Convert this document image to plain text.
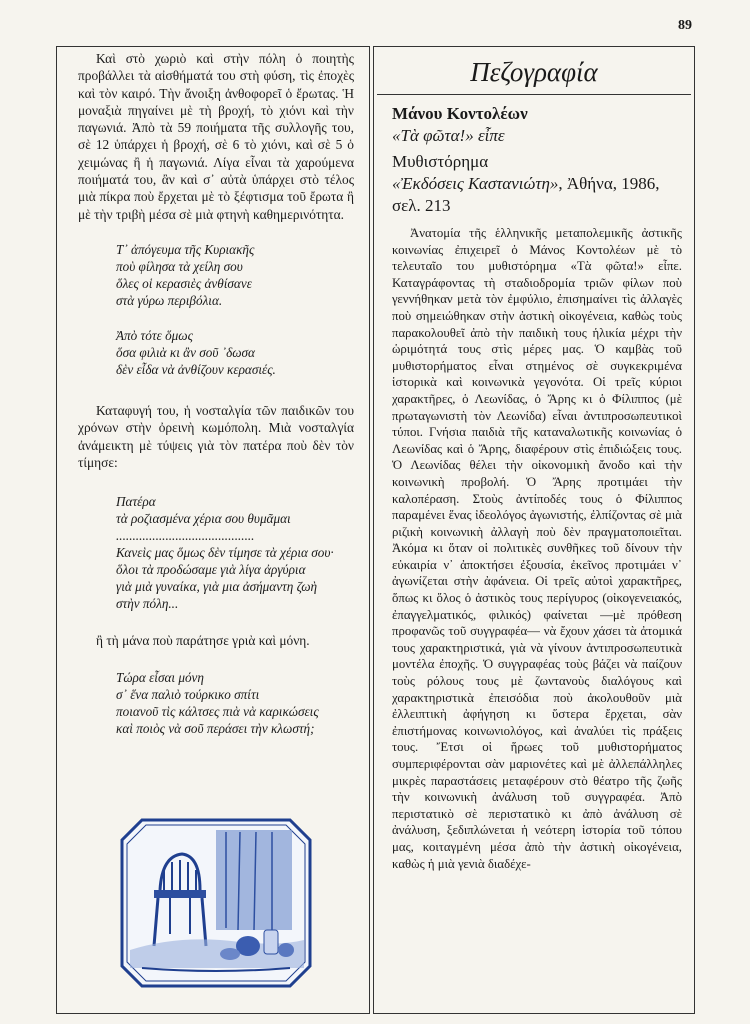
89

Καὶ στὸ χωριὸ καὶ στὴν πόλη ὁ ποιητὴς προβάλλει τὰ αἰσθήματά του στὴ φύση, τὶς ἐποχὲς καὶ τὸν καιρό. Τὴν ἄνοιξη ἀνθοφορεῖ ὁ ἔρωτας. Ἡ μοναξιὰ πηγαίνει μὲ τὴ βροχή, τὸ χιόνι καὶ τὴν παγωνιά. Ἀπὸ τὰ 59 ποιήματα τῆς συλλογῆς του, σὲ 12 ὑπάρχει ἡ βροχή, σὲ 6 τὸ χιόνι, καὶ σὲ 5 ὁ χειμώνας ἢ ἡ παγωνιά. Λίγα εἶναι τὰ χαρούμενα ποιήματά του, ἂν καὶ σ᾽ αὐτὰ ὑπάρχει στὸ τέλος μιὰ πίκρα ποὺ ἔρχεται μὲ τὸ ξέφτισμα τοῦ ἔρωτα ἢ μὲ τὴν τριβὴ μέσα σὲ μιὰ φτηνὴ καθημερινότητα.

Τ᾽ ἀπόγευμα τῆς Κυριακῆς
ποὺ φίλησα τὰ χείλη σου
ὅλες οἱ κερασιὲς ἀνθίσανε
στὰ γύρω περιβόλια.
Ἀπὸ τότε ὅμως
ὅσα φιλιὰ κι ἂν σοῦ ᾽δωσα
δὲν εἶδα νὰ ἀνθίζουν κερασιές.

Καταφυγή του, ἡ νοσταλγία τῶν παιδικῶν του χρόνων στὴν ὀρεινὴ κωμόπολη. Μιὰ νοσταλγία ἀνάμεικτη μὲ τύψεις γιὰ τὸν πατέρα ποὺ δὲν τὸν τίμησε:

Πατέρα
τὰ ροζιασμένα χέρια σου θυμᾶμαι
..........................................
Κανεὶς μας ὅμως δὲν τίμησε τὰ χέρια σου·
ὅλοι τὰ προδώσαμε γιὰ λίγα ἀργύρια
γιὰ μιὰ γυναίκα, γιὰ μια ἀσήμαντη ζωὴ
στὴν πόλη...

ἢ τὴ μάνα ποὺ παράτησε γριὰ καὶ μόνη.

Τώρα εἶσαι μόνη
σ᾽ ἕνα παλιὸ τούρκικο σπίτι
ποιανοῦ τὶς κάλτσες πιὰ νὰ καρικώσεις
καὶ ποιὸς νὰ σοῦ περάσει τὴν κλωστή;
Πεζογραφία
Μάνου Κοντολέων
«Τὰ φῶτα!» εἶπε
Μυθιστόρημα
«Ἐκδόσεις Καστανιώτη», Ἀθήνα, 1986, σελ. 213

Ἀνατομία τῆς ἑλληνικῆς μεταπολεμικῆς ἀστικῆς κοινωνίας ἐπιχειρεῖ ὁ Μάνος Κοντολέων μὲ τὸ τελευταῖο του μυθιστόρημα «Τὰ φῶτα!» εἶπε. Καταγράφοντας τὴ σταδιοδρομία τριῶν φίλων ποὺ γεννήθηκαν μετὰ τὸν ἐμφύλιο, ἐπισημαίνει τὶς ἀλλαγὲς ποὺ σημειώθηκαν στὴν ἀστικὴ οἰκογένεια, καθὼς τοὺς παρακολουθεῖ ἀπὸ τὴν παιδικὴ τους ἡλικία μέχρι τὴν ὡριμότητά τους στὶς μέρες μας. Ὁ καμβὰς τοῦ μυθιστορήματος εἶναι στημένος σὲ συγκεκριμένα ἱστορικὰ καὶ κοινωνικὰ γεγονότα. Οἱ τρεῖς κύριοι χαρακτῆρες, ὁ Λεωνίδας, ὁ Ἄρης κι ὁ Φίλιππος (μὲ πρωταγωνιστὴ τὸν Λεωνίδα) εἶναι ἀντιπροσωπευτικοὶ τύποι. Γνήσια παιδιὰ τῆς καταναλωτικῆς κοινωνίας ὁ Λεωνίδας καὶ ὁ Ἄρης, διαφέρουν στὶς ἐπιδιώξεις τους. Ὁ Λεωνίδας θέλει τὴν οἰκονομικὴ ἄνοδο καὶ τὴν κοινωνικὴ προβολή. Ὁ Ἄρης προτιμάει τὴν καλοπέραση. Στοὺς ἀντίποδές τους ὁ Φίλιππος παραμένει ἕνας ἰδεολόγος ἀγωνιστής, ἐλπίζοντας σὲ μιὰ ριζικὴ κοινωνικὴ ἀλλαγὴ ποὺ δὲν πραγματοποιεῖται. Ἀκόμα κι ὅταν οἱ πολιτικὲς συνθῆκες τοῦ δίνουν τὴν εὐκαιρία ν᾽ ἀποκτήσει ἐξουσία, ἐκεῖνος προτιμάει ν᾽ ἀγωνίζεται στὴν ἀφάνεια. Οἱ τρεῖς αὐτοὶ χαρακτῆρες, ὅπως κι ὅλος ὁ ἀστικὸς τους περίγυρος (οἰκογενειακός, ἐπαγγελματικός, φιλικός) φαίνεται —μὲ πρόθεση προφανῶς τοῦ συγγραφέα— νὰ ἔχουν χάσει τὰ ἀτομικά τους χαρακτηριστικά, γιὰ νὰ γίνουν ἀντιπροσωπευτικὰ μοντέλα ἐποχῆς. Ὁ συγγραφέας τοὺς βάζει νὰ παίζουν τοὺς ρόλους τους μὲ ζωντανοὺς διαλόγους καὶ χαρακτηριστικὰ ἐπεισόδια ποὺ ἀκολουθοῦν μιὰ ἐλλειπτικὴ ἀφήγηση κι ὕστερα ἔρχεται, σὰν ἐπιστήμονας κοινωνιολόγος, καὶ ἀναλύει τὶς πράξεις τους. Ἔτσι οἱ ἥρωες τοῦ μυθιστορήματος συμπεριφέρονται σὰν μαριονέτες καὶ μὲ ἀλλεπάλληλες μικρὲς παραστάσεις μεταφέρουν στὸ θέατρο τῆς ζωῆς τὴν κοινωνικὴ ἀνάλυση τοῦ συγγραφέα. Ἀπὸ περιστατικὸ σὲ περιστατικὸ κι ἀπὸ ἀνάλυση σὲ ἀνάλυση, ξεδιπλώνεται ἡ νεότερη ἱστορία τοῦ τόπου μας, κοιταγμένη μέσα ἀπὸ τὴν ἀστικὴ οἰκογένεια, καθὼς ἡ μιὰ γενιὰ διαδέχε-
